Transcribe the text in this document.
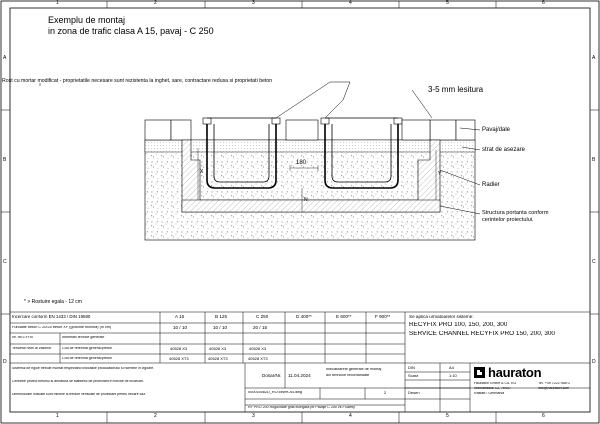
1	2	3	4	5	6
1	2	3	4	5	6
A
B
C
D
A
B
C
D
Exemplu de montaj
in zona de trafic clasa A 15, pavaj - C 250
Rost cu mortar modificat - proprietatile necesare sunt rezistenta la inghet, sare, contractare redusa si proprietati beton
3-5 mm lesitura
Pavaj/dale
strat de asezare
Radier
Structura portanta conform
cerintelor proiectului.
180
X	Y
N
* > Rostuire egala - 12 cm
Incercare conform EN 1433 / DIN 19580	A 15	B 125	C 250	D 400**	E 600**	F 900**
Fundatie beton C 20/25 beton XF (grosime minima) (in cm)	10 / 10	10 / 10	20 / 15
Nr. RECYFIX	Informatii tehnice generale
Tendinta nivel al valorilor	Cod de referinta general/preturi	40528 X3	40528 X3	40528 X3
Cod de referinta general/preturi	40528 XT3	40528 XT3	40528 XT3
Sistemul de rigole trebuie montat respectand indicatiile producatorului si normele in vigoare.
Cerintele privind betonul si armatura se stabilesc de proiectant in functie de incarcari.
Dimensiunile indicate sunt minime si trebuie verificate de proiectant pentru fiecare caz.
Se aplica urmatoarelor sisteme:
RECYFIX PRO 100, 150, 200, 300
SERVICE CHANNEL RECYFIX PRO 150, 200, 300
Dosar/Nr. 11.04.2024
Indicatoarele generale de montaj
din tehnicile recomandate
000015582D_RO.ldrwH.A4.dwg	2
RF PRO 200 Rugozitate grila elongata pe Pavaje C 250 vs FSafety
DIN	A4
Scara	1:10
Desen
hauraton
Hauraton GmbH & Co. KG
Werkstrasse 13, 76437
Rastatt / Germania
Tel. +49 7222 958 0
info@hauraton.com
